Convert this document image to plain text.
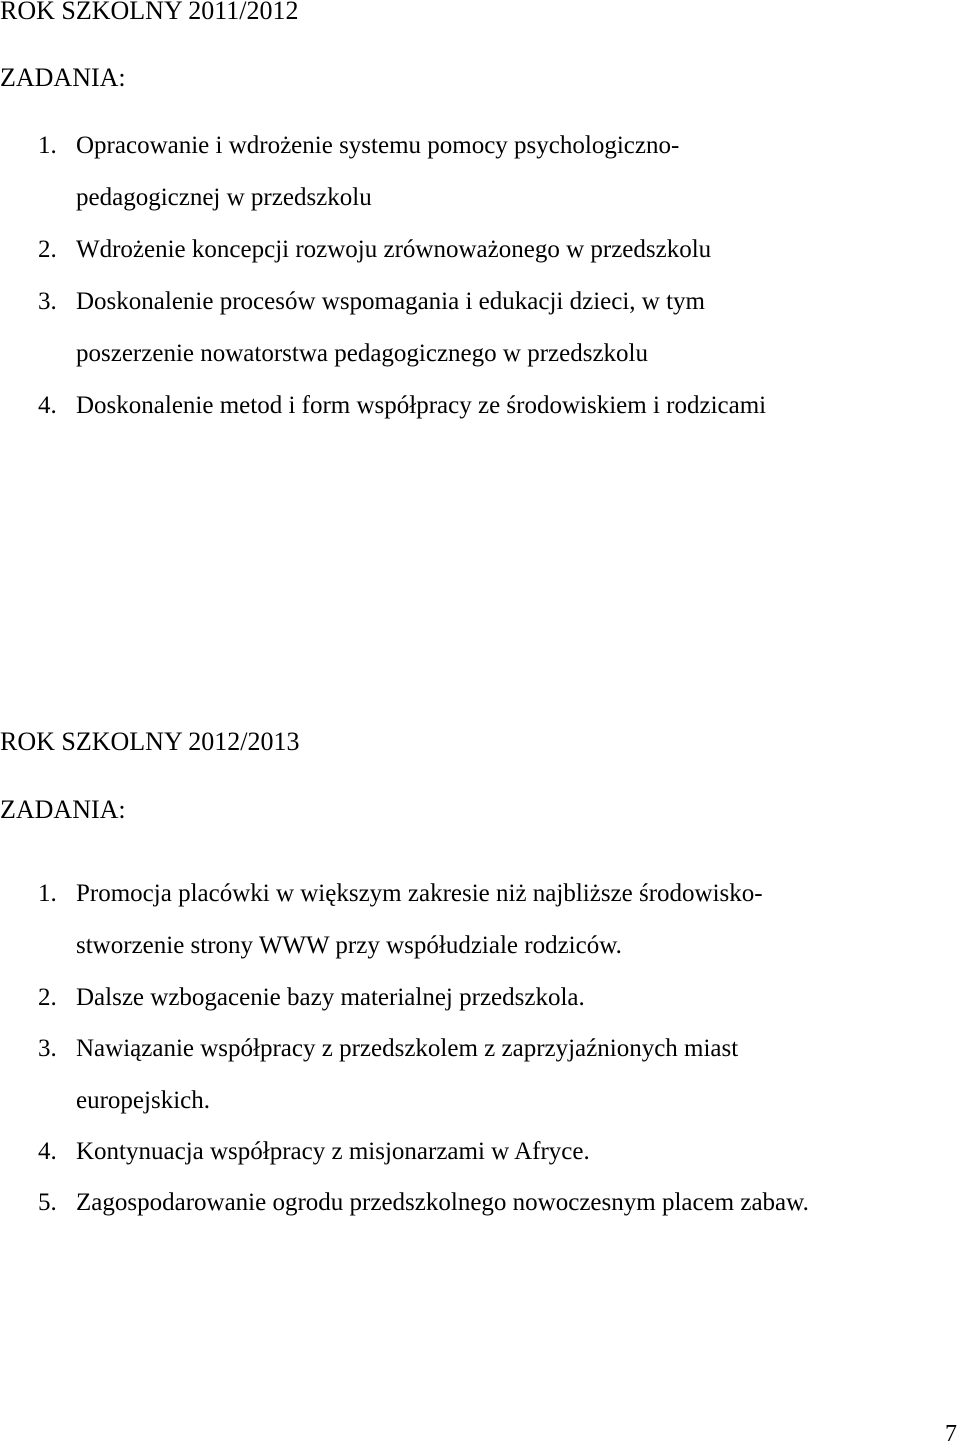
ROK SZKOLNY 2011/2012
ZADANIA:
1. Opracowanie i wdrożenie systemu pomocy psychologiczno-
pedagogicznej w przedszkolu
2. Wdrożenie koncepcji rozwoju zrównoważonego w przedszkolu
3. Doskonalenie procesów wspomagania i edukacji dzieci, w tym
poszerzenie nowatorstwa pedagogicznego w przedszkolu
4. Doskonalenie metod i form współpracy ze środowiskiem i rodzicami
ROK SZKOLNY 2012/2013
ZADANIA:
1. Promocja placówki w większym zakresie niż najbliższe środowisko-
stworzenie strony WWW przy współudziale rodziców.
2. Dalsze wzbogacenie bazy materialnej przedszkola.
3. Nawiązanie współpracy z przedszkolem z zaprzyjaźnionych miast
europejskich.
4. Kontynuacja współpracy z misjonarzami w Afryce.
5. Zagospodarowanie ogrodu przedszkolnego nowoczesnym placem zabaw.
7
